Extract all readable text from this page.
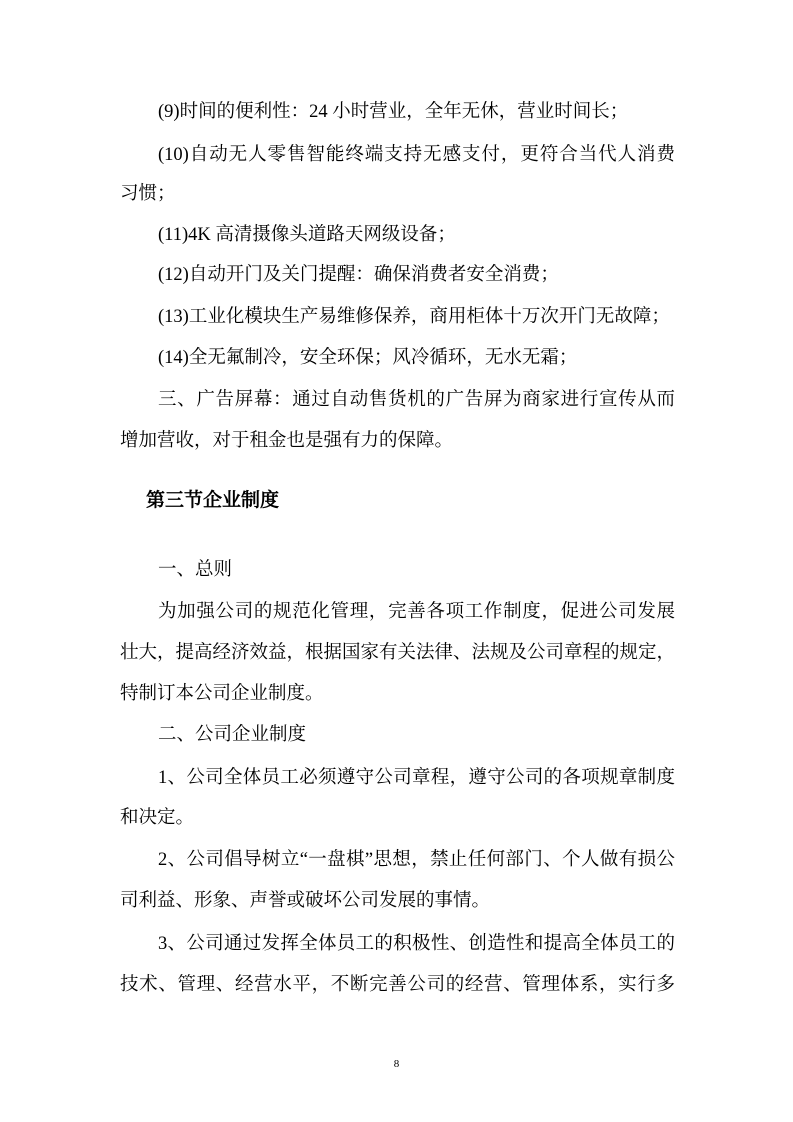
(9)时间的便利性：24 小时营业，全年无休，营业时间长；
(10)自动无人零售智能终端支持无感支付，更符合当代人消费
习惯；
(11)4K 高清摄像头道路天网级设备；
(12)自动开门及关门提醒：确保消费者安全消费；
(13)工业化模块生产易维修保养，商用柜体十万次开门无故障；
(14)全无氟制冷，安全环保；风冷循环，无水无霜；
三、广告屏幕：通过自动售货机的广告屏为商家进行宣传从而
增加营收，对于租金也是强有力的保障。
第三节企业制度
一、总则
为加强公司的规范化管理，完善各项工作制度，促进公司发展
壮大，提高经济效益，根据国家有关法律、法规及公司章程的规定，
特制订本公司企业制度。
二、公司企业制度
1、公司全体员工必须遵守公司章程，遵守公司的各项规章制度
和决定。
2、公司倡导树立“一盘棋”思想，禁止任何部门、个人做有损公
司利益、形象、声誉或破坏公司发展的事情。
3、公司通过发挥全体员工的积极性、创造性和提高全体员工的
技术、管理、经营水平，不断完善公司的经营、管理体系，实行多
8
